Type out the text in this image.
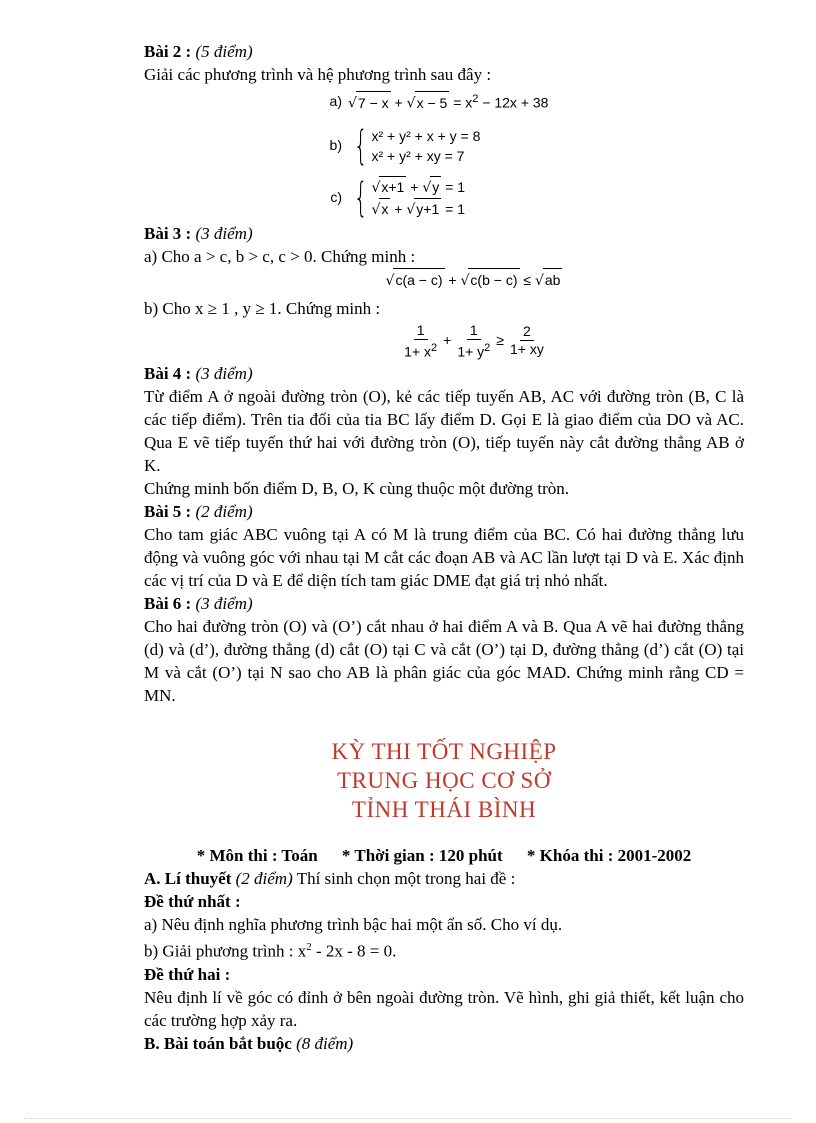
Bài 2 : (5 điểm)

Giải các phương trình và hệ phương trình sau đây :

a) $√7 - x + √x - 5 = x^2 - 12x + 38$
b) { x² + y² + x + y = 8
x² + y² + xy = 7
c) { √x+1 + √y = 1
√x + √y+1 = 1

Bài 3 : (3 điểm)

a) Cho a > c, b > c, c > 0. Chứng minh :

√c(a − c) + √c(b − c) ≤ √ab

b) Cho x ≥ 1 , y ≥ 1. Chứng minh :

$\frac{1}{1+ x^2} + \frac{1}{1+ y^2} \ge \frac{2}{1+ xy}$

Bài 4 : (3 điểm)

Từ điểm A ở ngoài đường tròn (O), kẻ các tiếp tuyến AB, AC với đường tròn (B, C là các tiếp điểm). Trên tia đối của tia BC lấy điểm D. Gọi E là giao điểm của DO và AC. Qua E vẽ tiếp tuyến thứ hai với đường tròn (O), tiếp tuyến này cắt đường thẳng AB ở K.

Chứng minh bốn điểm D, B, O, K cùng thuộc một đường tròn.

Bài 5 : (2 điểm)

Cho tam giác ABC vuông tại A có M là trung điểm của BC. Có hai đường thẳng lưu động và vuông góc với nhau tại M cắt các đoạn AB và AC lần lượt tại D và E. Xác định các vị trí của D và E để diện tích tam giác DME đạt giá trị nhỏ nhất.

Bài 6 : (3 điểm)

Cho hai đường tròn (O) và (O’) cắt nhau ở hai điểm A và B. Qua A vẽ hai đường thẳng (d) và (d’), đường thẳng (d) cắt (O) tại C và cắt (O’) tại D, đường thẳng (d’) cắt (O) tại M và cắt (O’) tại N sao cho AB là phân giác của góc MAD. Chứng minh rằng CD = MN.

KỲ THI TỐT NGHIỆP
TRUNG HỌC CƠ SỞ
TỈNH THÁI BÌNH
* Môn thi : Toán * Thời gian : 120 phút * Khóa thi : 2001-2002

A. Lí thuyết (2 điểm) Thí sinh chọn một trong hai đề :

Đề thứ nhất :

a) Nêu định nghĩa phương trình bậc hai một ẩn số. Cho ví dụ.

b) Giải phương trình : $x^2 - 2x - 8 = 0$.

Đề thứ hai :

Nêu định lí về góc có đỉnh ở bên ngoài đường tròn. Vẽ hình, ghi giả thiết, kết luận cho các trường hợp xảy ra.

B. Bài toán bắt buộc (8 điểm)
